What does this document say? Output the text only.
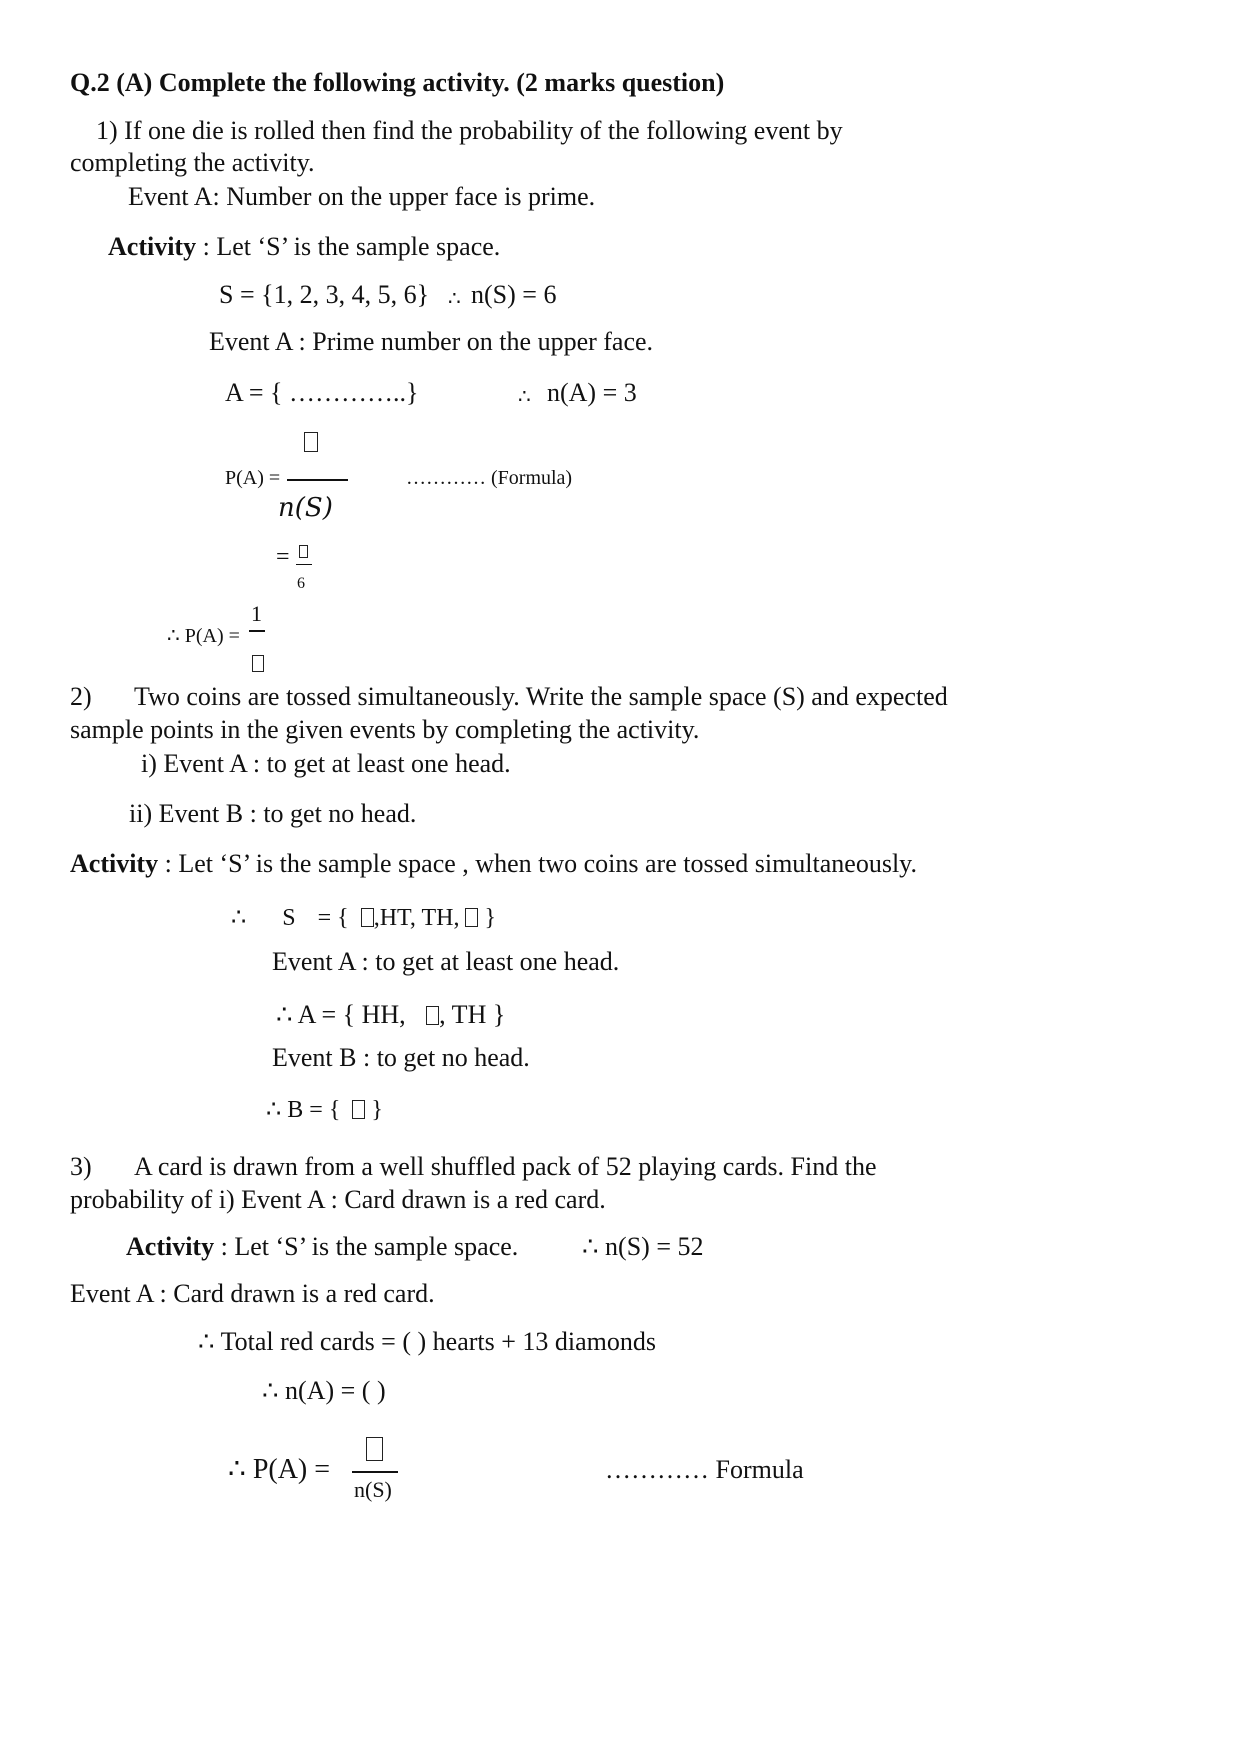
Q.2 (A) Complete the following activity. (2 marks question)
1) If one die is rolled then find the probability of the following event by
completing the activity.
Event A: Number on the upper face is prime.
Activity : Let ‘S’ is the sample space.
S = {1, 2, 3, 4, 5, 6} ∴ n(S) = 6
Event A : Prime number on the upper face.
A = { …………..}	∴ n(A) = 3
P(A) =	………… (Formula)
n(S)
=
6
1
∴ P(A) =
2) Two coins are tossed simultaneously. Write the sample space (S) and expected
sample points in the given events by completing the activity.
i) Event A : to get at least one head.
ii) Event B : to get no head.
Activity : Let ‘S’ is the sample space , when two coins are tossed simultaneously.
∴ S = { ,HT, TH, }
Event A : to get at least one head.
∴ A = { HH, , TH }
Event B : to get no head.
∴ B = { }
3) A card is drawn from a well shuffled pack of 52 playing cards. Find the
probability of i) Event A : Card drawn is a red card.
Activity : Let ‘S’ is the sample space. ∴ n(S) = 52
Event A : Card drawn is a red card.
∴ Total red cards = ( ) hearts + 13 diamonds
∴ n(A) = ( )
∴ P(A) =
n(S)
………… Formula
